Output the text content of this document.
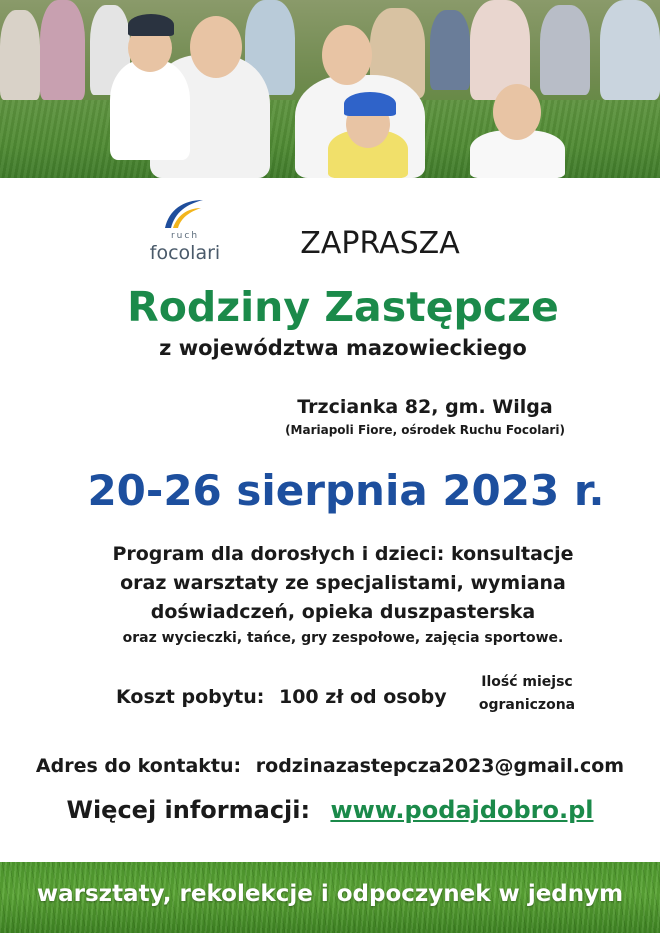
ruch
focolari	ZAPRASZA
Rodziny Zastępcze
z województwa mazowieckiego
Trzcianka 82, gm. Wilga
(Mariapoli Fiore, ośrodek Ruchu Focolari)
20-26 sierpnia 2023 r.
Program dla dorosłych i dzieci: konsultacje
oraz warsztaty ze specjalistami, wymiana
doświadczeń, opieka duszpasterska
oraz wycieczki, tańce, gry zespołowe, zajęcia sportowe.
Koszt pobytu: 100 zł od osoby
Ilość miejsc
ograniczona
Adres do kontaktu: rodzinazastepcza2023@gmail.com
Więcej informacji: www.podajdobro.pl
warsztaty, rekolekcje i odpoczynek w jednym
